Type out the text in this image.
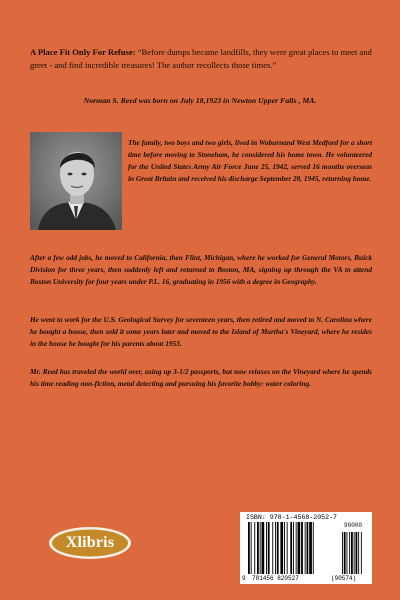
A Place Fit Only For Refuse: “Before dumps became landfills, they were great places to meet and greet - and find incredible treasures! The author recollects those times.”

Norman S. Reed was born on July 18,1923 in Newton Upper Falls , MA.

The family, two boys and two girls, lived in Woburnand West Medford for a short time before moving to Stoneham, he considered his home town. He volunteered for the United States Army Air Force June 25, 1942, served 16 months overseas in Great Britain and received his discharge September 28, 1945, returning home.

After a few odd jobs, he moved to California, then Flint, Michigan, where he worked for General Motors, Buick Division for three years, then suddenly left and returned to Boston, MA, signing up through the VA to attend Boston University for four years under P.L. 16, graduating in 1956 with a degree in Geography.

He went to work for the U.S. Geological Survey for seventeen years, then retired and moved to N. Carolina where he bought a house, then sold it some years later and moved to the Island of Martha's Vineyard, where he resides in the house he bought for his parents about 1953.

Mr. Reed has traveled the world over, using up 3-1/2 passports, but now relaxes on the Vineyard where he spends his time reading non-fiction, metal detecting and pursuing his favorite hobby: water coloring.

Xlibris
ISBN: 978-1-4568-2052-7
90000
9 781456 820527	(90574)
